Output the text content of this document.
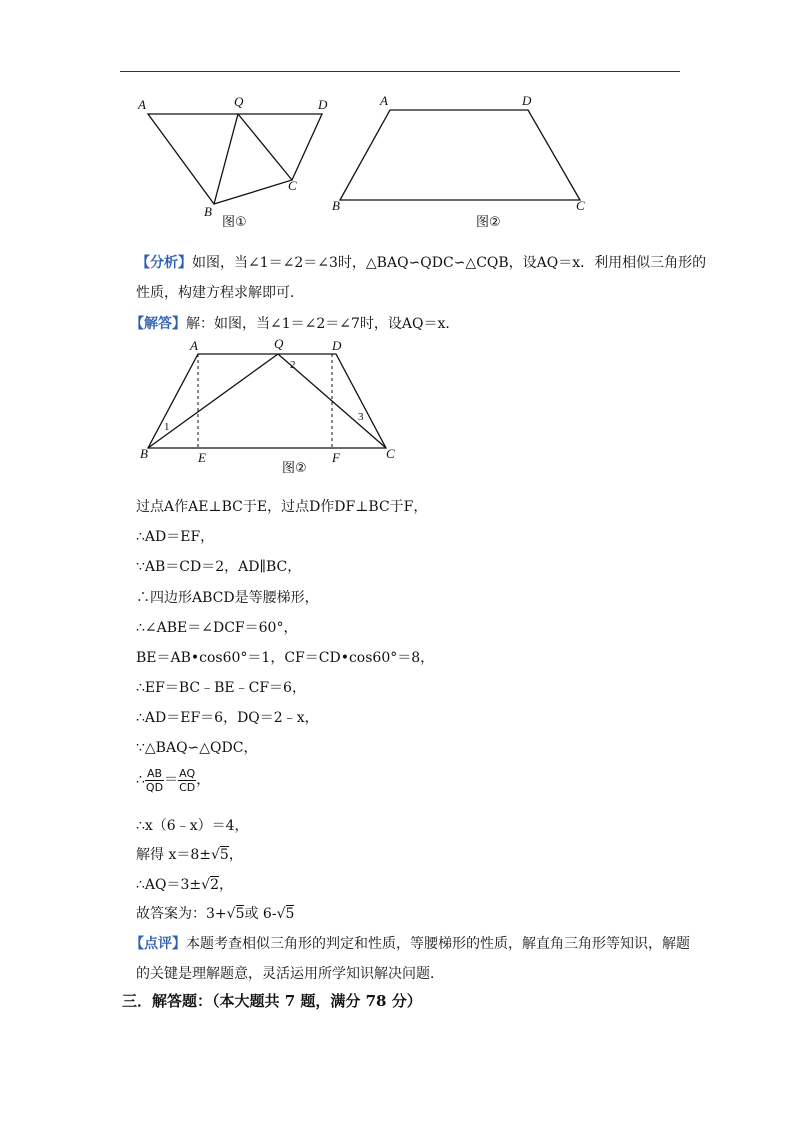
A	Q	D
B
C
图①
A	D
B	C
图②
【分析】如图，当∠1＝∠2＝∠3时，△BAQ∽QDC∽△CQB，设AQ＝x．利用相似三角形的
性质，构建方程求解即可．
【解答】解：如图，当∠1＝∠2＝∠7时，设AQ＝x．
A	Q	D
B	E	F	C
1
2
3
图②
过点A作AE⊥BC于E，过点D作DF⊥BC于F，
∴AD＝EF，
∵AB＝CD＝2，AD∥BC，
∴四边形ABCD是等腰梯形，
∴∠ABE＝∠DCF＝60°，
BE＝AB•cos60°＝1，CF＝CD•cos60°＝8，
∴EF＝BC﹣BE﹣CF＝6，
∴AD＝EF＝6，DQ＝2﹣x，
∵△BAQ∽△QDC，
∴ $\frac{AB}{QD} = \frac{AQ}{CD}$ ，
∴x（6﹣x）＝4，
解得 x＝8±√5，
∴AQ＝3±√2，
故答案为：3+√5或 6-√5
【点评】本题考查相似三角形的判定和性质，等腰梯形的性质，解直角三角形等知识，解题
的关键是理解题意，灵活运用所学知识解决问题．
三．解答题：（本大题共 7 题，满分 78 分）
